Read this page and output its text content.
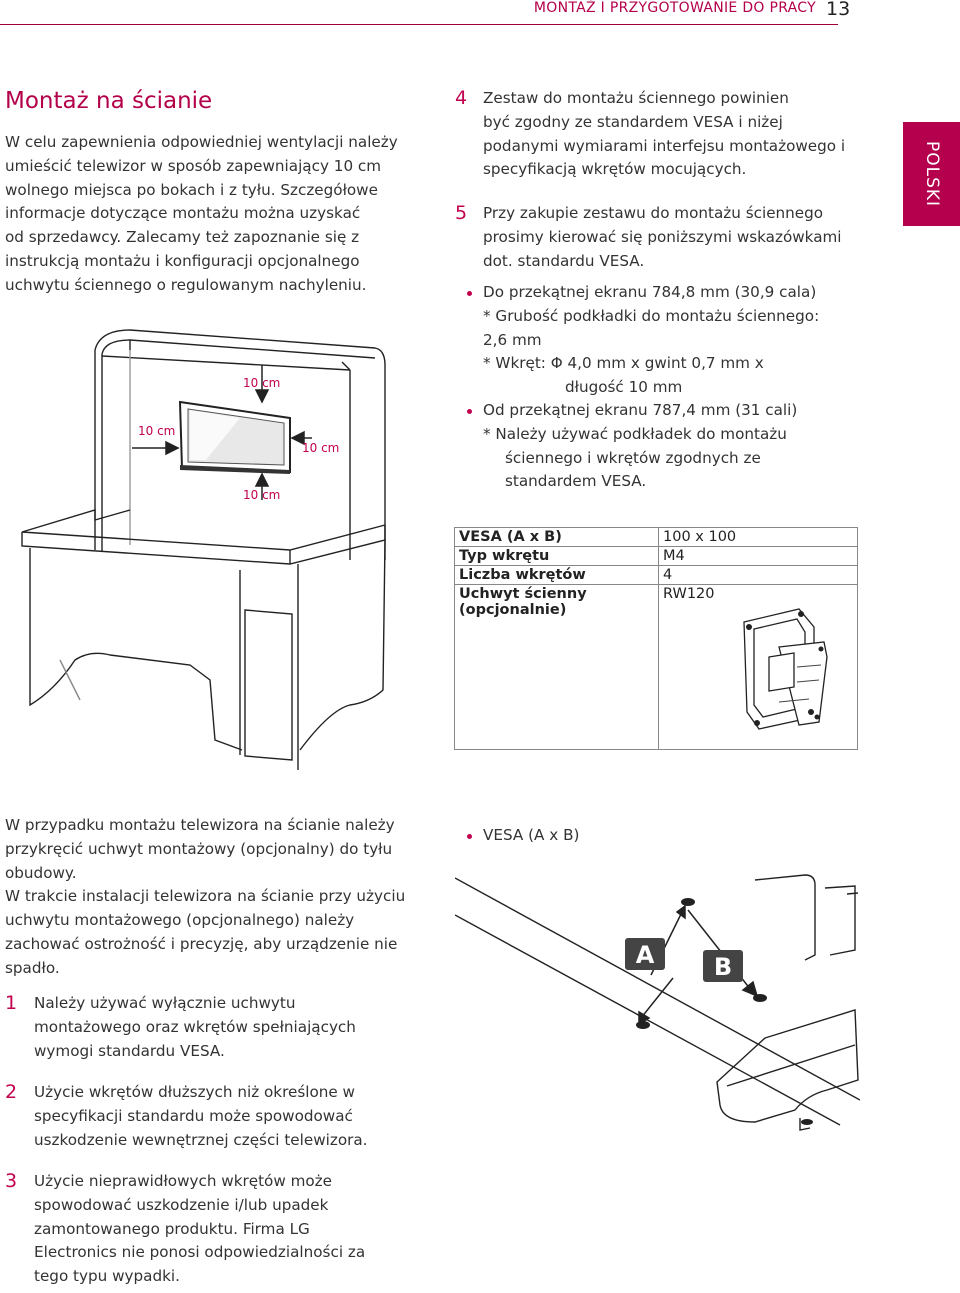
MONTAŻ I PRZYGOTOWANIE DO PRACY 13
POLSKI
Montaż na ścianie
W celu zapewnienia odpowiedniej wentylacji należy
umieścić telewizor w sposób zapewniający 10 cm
wolnego miejsca po bokach i z tyłu. Szczegółowe
informacje dotyczące montażu można uzyskać
od sprzedawcy. Zalecamy też zapoznanie się z
instrukcją montażu i konfiguracji opcjonalnego
uchwytu ściennego o regulowanym nachyleniu.
10 cm
10 cm
10 cm
10 cm
4 Zestaw do montażu ściennego powinien
być zgodny ze standardem VESA i niżej
podanymi wymiarami interfejsu montażowego i
specyfikacją wkrętów mocujących.
5 Przy zakupie zestawu do montażu ściennego
prosimy kierować się poniższymi wskazówkami
dot. standardu VESA.
Do przekątnej ekranu 784,8 mm (30,9 cala)
* Grubość podkładki do montażu ściennego:
2,6 mm
* Wkręt: Φ 4,0 mm x gwint 0,7 mm x
długość 10 mm
Od przekątnej ekranu 787,4 mm (31 cali)
* Należy używać podkładek do montażu
ściennego i wkrętów zgodnych ze
standardem VESA.
VESA (A x B)	100 x 100
Typ wkrętu	M4
Liczba wkrętów	4

Uchwyt ścienny
(opcjonalnie)	RW120
W przypadku montażu telewizora na ścianie należy
przykręcić uchwyt montażowy (opcjonalny) do tyłu
obudowy.
W trakcie instalacji telewizora na ścianie przy użyciu
uchwytu montażowego (opcjonalnego) należy
zachować ostrożność i precyzję, aby urządzenie nie
spadło.
1 Należy używać wyłącznie uchwytu
montażowego oraz wkrętów spełniających
wymogi standardu VESA.
2 Użycie wkrętów dłuższych niż określone w
specyfikacji standardu może spowodować
uszkodzenie wewnętrznej części telewizora.
3 Użycie nieprawidłowych wkrętów może
spowodować uszkodzenie i/lub upadek
zamontowanego produktu. Firma LG
Electronics nie ponosi odpowiedzialności za
tego typu wypadki.
VESA (A x B)
A B
